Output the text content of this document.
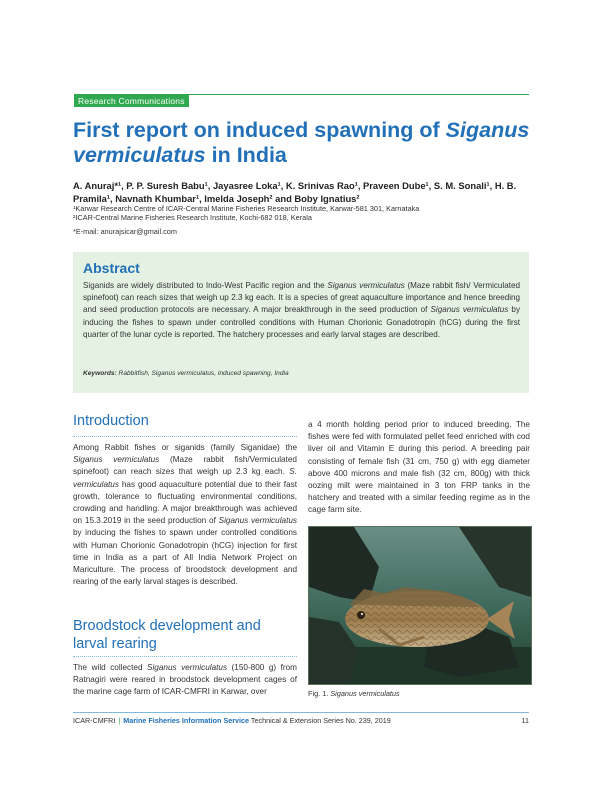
Research Communications
First report on induced spawning of Siganus
vermiculatus in India

A. Anuraj*¹, P. P. Suresh Babu¹, Jayasree Loka¹, K. Srinivas Rao¹, Praveen Dube¹, S. M. Sonali¹, H. B.
Pramila¹, Navnath Khumbar¹, Imelda Joseph² and Boby Ignatius²

¹Karwar Research Centre of ICAR-Central Marine Fisheries Research Institute, Karwar-581 301, Karnataka

²ICAR-Central Marine Fisheries Research Institute, Kochi-682 018, Kerala

*E-mail: anurajsicar@gmail.com

Abstract

Siganids are widely distributed to Indo-West Pacific region and the Siganus vermiculatus (Maze rabbit fish/ Vermiculated spinefoot) can reach sizes that weigh up 2.3 kg each. It is a species of great aquaculture importance and hence breeding and seed production protocols are necessary. A major breakthrough in the seed production of Siganus vermiculatus by inducing the fishes to spawn under controlled conditions with Human Chorionic Gonadotropin (hCG) during the first quarter of the lunar cycle is reported. The hatchery processes and early larval stages are described.

Keywords: Rabbitfish, Siganus vermiculatus, induced spawning, India

Introduction

Among Rabbit fishes or siganids (family Siganidae) the Siganus vermiculatus (Maze rabbit fish/Vermiculated spinefoot) can reach sizes that weigh up 2.3 kg each. S. vermiculatus has good aquaculture potential due to their fast growth, tolerance to fluctuating environmental conditions, crowding and handling. A major breakthrough was achieved on 15.3.2019 in the seed production of Siganus vermiculatus by inducing the fishes to spawn under controlled conditions with Human Chorionic Gonadotropin (hCG) injection for first time in India as a part of All India Network Project on Mariculture. The process of broodstock development and rearing of the early larval stages is described.

Broodstock development and larval rearing

The wild collected Siganus vermiculatus (150-800 g) from Ratnagiri were reared in broodstock development cages of the marine cage farm of ICAR-CMFRI in Karwar, over

a 4 month holding period prior to induced breeding. The fishes were fed with formulated pellet feed enriched with cod liver oil and Vitamin E during this period. A breeding pair consisting of female fish (31 cm, 750 g) with egg diameter above 400 microns and male fish (32 cm, 800g) with thick oozing milt were maintained in 3 ton FRP tanks in the hatchery and treated with a similar feeding regime as in the cage farm site.

Fig. 1. Siganus vermiculatus

ICAR-CMFRI | Marine Fisheries Information Service Technical & Extension Series No. 239, 2019	11
